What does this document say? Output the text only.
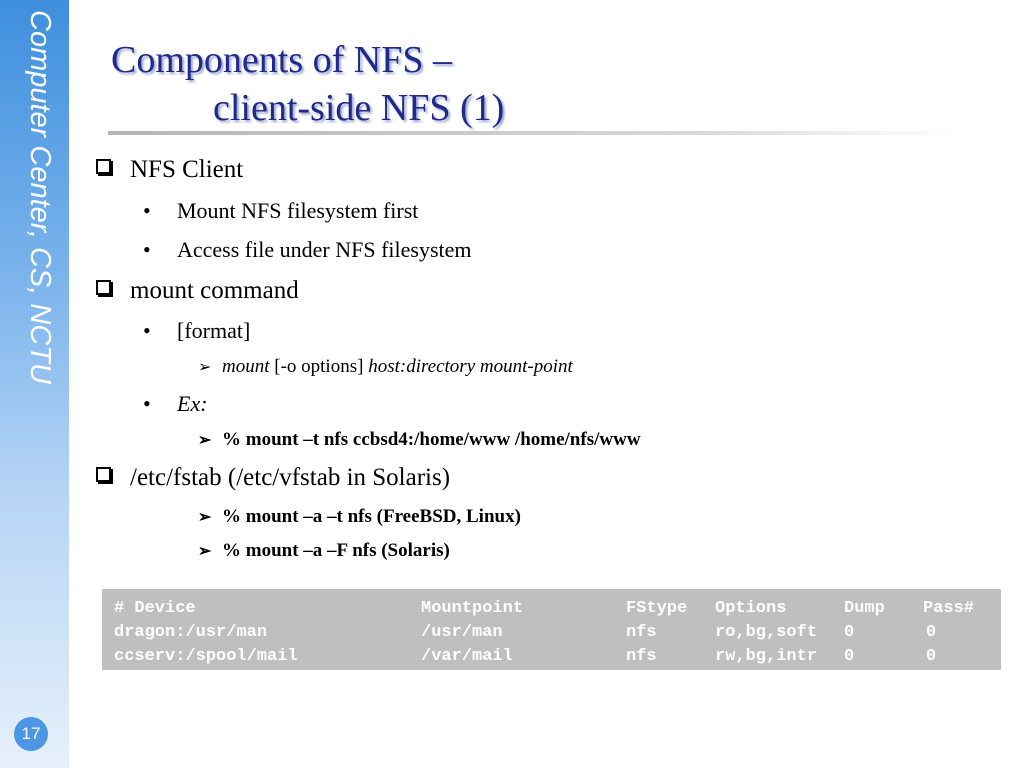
Computer Center, CS, NCTU
17
Components of NFS –
client-side NFS (1)
NFS Client
• Mount NFS filesystem first
• Access file under NFS filesystem
mount command
• [format]
➢ mount [-o options] host:directory mount-point
• Ex:
➢ % mount –t nfs ccbsd4:/home/www /home/nfs/www
/etc/fstab (/etc/vfstab in Solaris)
➢ % mount –a –t nfs (FreeBSD, Linux)
➢ % mount –a –F nfs (Solaris)
# Device	Mountpoint	FStype	Options	Dump	Pass#
dragon:/usr/man	/usr/man	nfs	ro,bg,soft	0	0
ccserv:/spool/mail	/var/mail	nfs	rw,bg,intr	0	0
